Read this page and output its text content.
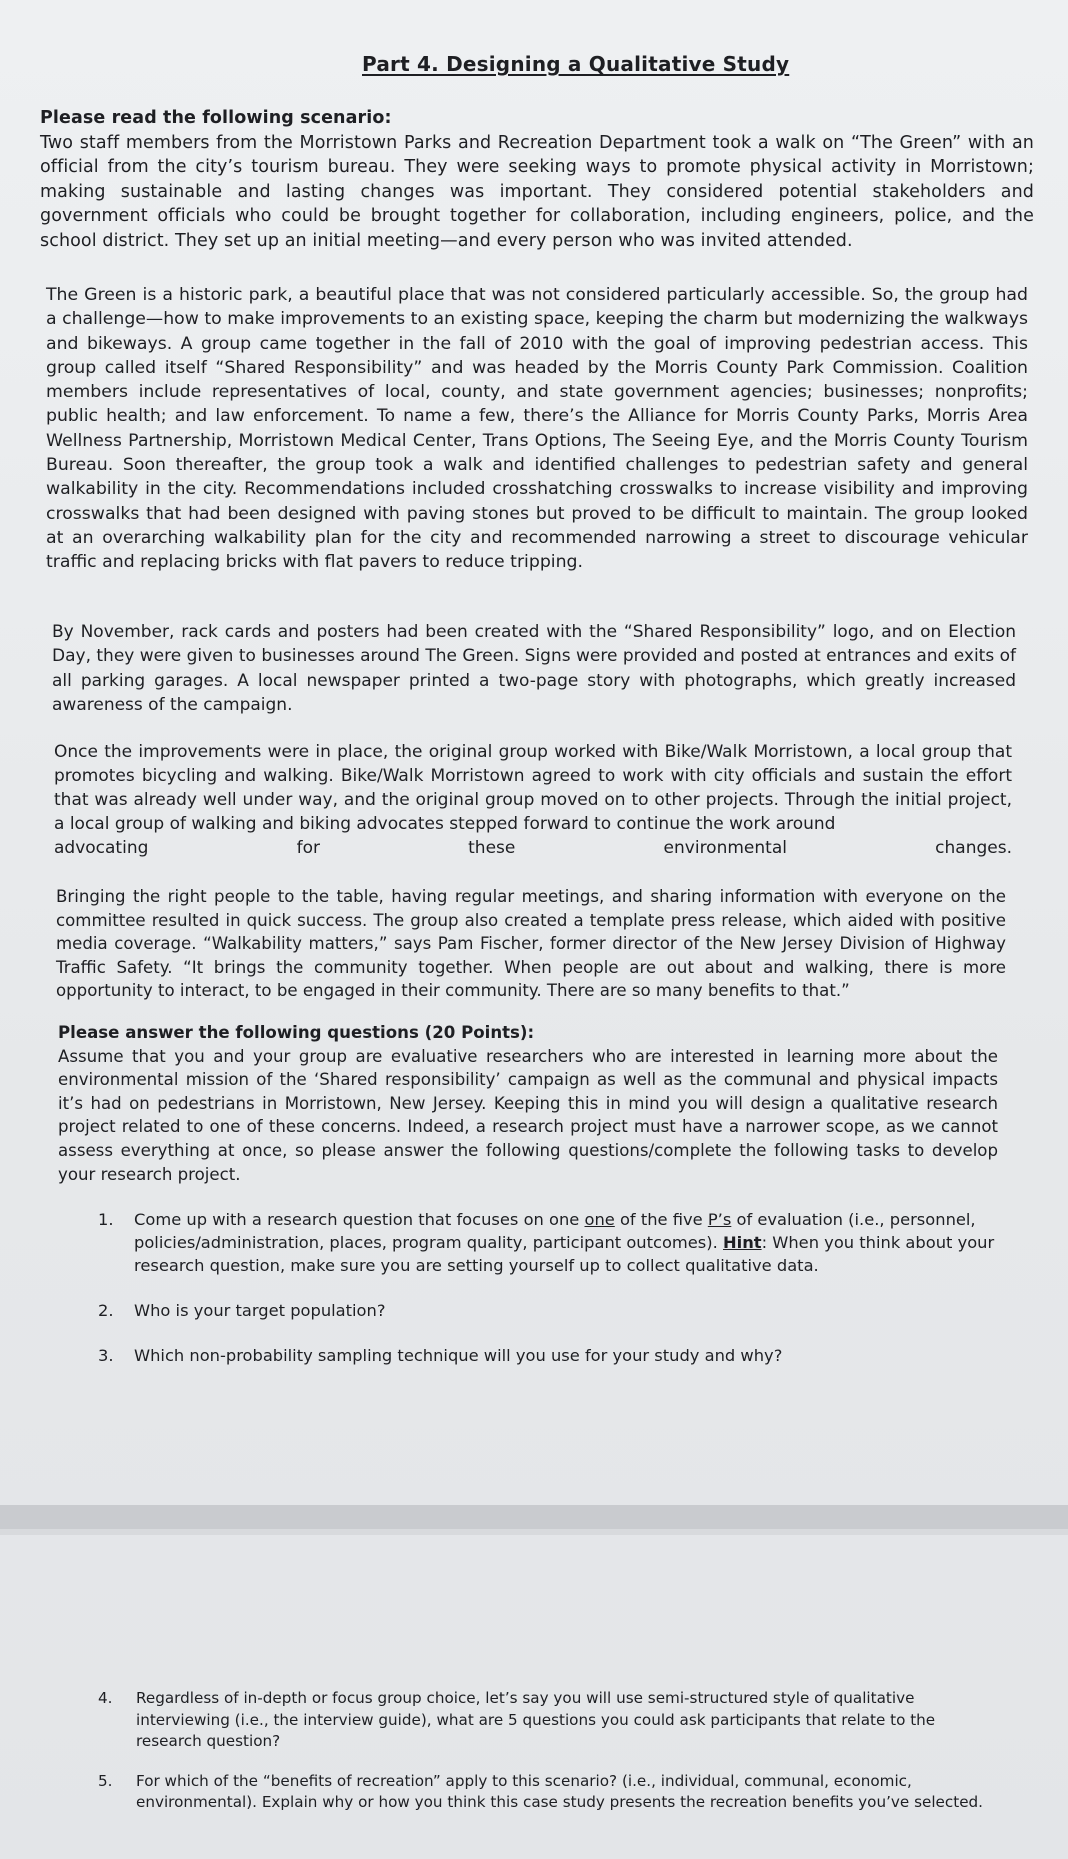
Part 4. Designing a Qualitative Study
Please read the following scenario:

Two staff members from the Morristown Parks and Recreation Department took a walk on “The Green” with an official from the city’s tourism bureau. They were seeking ways to promote physical activity in Morristown; making sustainable and lasting changes was important. They considered potential stakeholders and government officials who could be brought together for collaboration, including engineers, police, and the school district. They set up an initial meeting—and every person who was invited attended.

The Green is a historic park, a beautiful place that was not considered particularly accessible. So, the group had a challenge—how to make improvements to an existing space, keeping the charm but modernizing the walkways and bikeways. A group came together in the fall of 2010 with the goal of improving pedestrian access. This group called itself “Shared Responsibility” and was headed by the Morris County Park Commission. Coalition members include representatives of local, county, and state government agencies; businesses; nonprofits; public health; and law enforcement. To name a few, there’s the Alliance for Morris County Parks, Morris Area Wellness Partnership, Morristown Medical Center, Trans Options, The Seeing Eye, and the Morris County Tourism Bureau. Soon thereafter, the group took a walk and identified challenges to pedestrian safety and general walkability in the city. Recommendations included crosshatching crosswalks to increase visibility and improving crosswalks that had been designed with paving stones but proved to be difficult to maintain. The group looked at an overarching walkability plan for the city and recommended narrowing a street to discourage vehicular traffic and replacing bricks with flat pavers to reduce tripping.

By November, rack cards and posters had been created with the “Shared Responsibility” logo, and on Election Day, they were given to businesses around The Green. Signs were provided and posted at entrances and exits of all parking garages. A local newspaper printed a two-page story with photographs, which greatly increased awareness of the campaign.

Once the improvements were in place, the original group worked with Bike/Walk Morristown, a local group that promotes bicycling and walking. Bike/Walk Morristown agreed to work with city officials and sustain the effort that was already well under way, and the original group moved on to other projects. Through the initial project, a local group of walking and biking advocates stepped forward to continue the work around
advocating	for	these	environmental	changes.

Bringing the right people to the table, having regular meetings, and sharing information with everyone on the committee resulted in quick success. The group also created a template press release, which aided with positive media coverage. “Walkability matters,” says Pam Fischer, former director of the New Jersey Division of Highway Traffic Safety. “It brings the community together. When people are out about and walking, there is more opportunity to interact, to be engaged in their community. There are so many benefits to that.”

Please answer the following questions (20 Points):
Assume that you and your group are evaluative researchers who are interested in learning more about the environmental mission of the ‘Shared responsibility’ campaign as well as the communal and physical impacts it’s had on pedestrians in Morristown, New Jersey. Keeping this in mind you will design a qualitative research project related to one of these concerns. Indeed, a research project must have a narrower scope, as we cannot assess everything at once, so please answer the following questions/complete the following tasks to develop your research project.
1. Come up with a research question that focuses on one one of the five P’s of evaluation (i.e., personnel, policies/administration, places, program quality, participant outcomes). Hint: When you think about your research question, make sure you are setting yourself up to collect qualitative data.
2. Who is your target population?
3. Which non-probability sampling technique will you use for your study and why?
4. Regardless of in-depth or focus group choice, let’s say you will use semi-structured style of qualitative interviewing (i.e., the interview guide), what are 5 questions you could ask participants that relate to the research question?
5. For which of the “benefits of recreation” apply to this scenario? (i.e., individual, communal, economic, environmental). Explain why or how you think this case study presents the recreation benefits you’ve selected.
